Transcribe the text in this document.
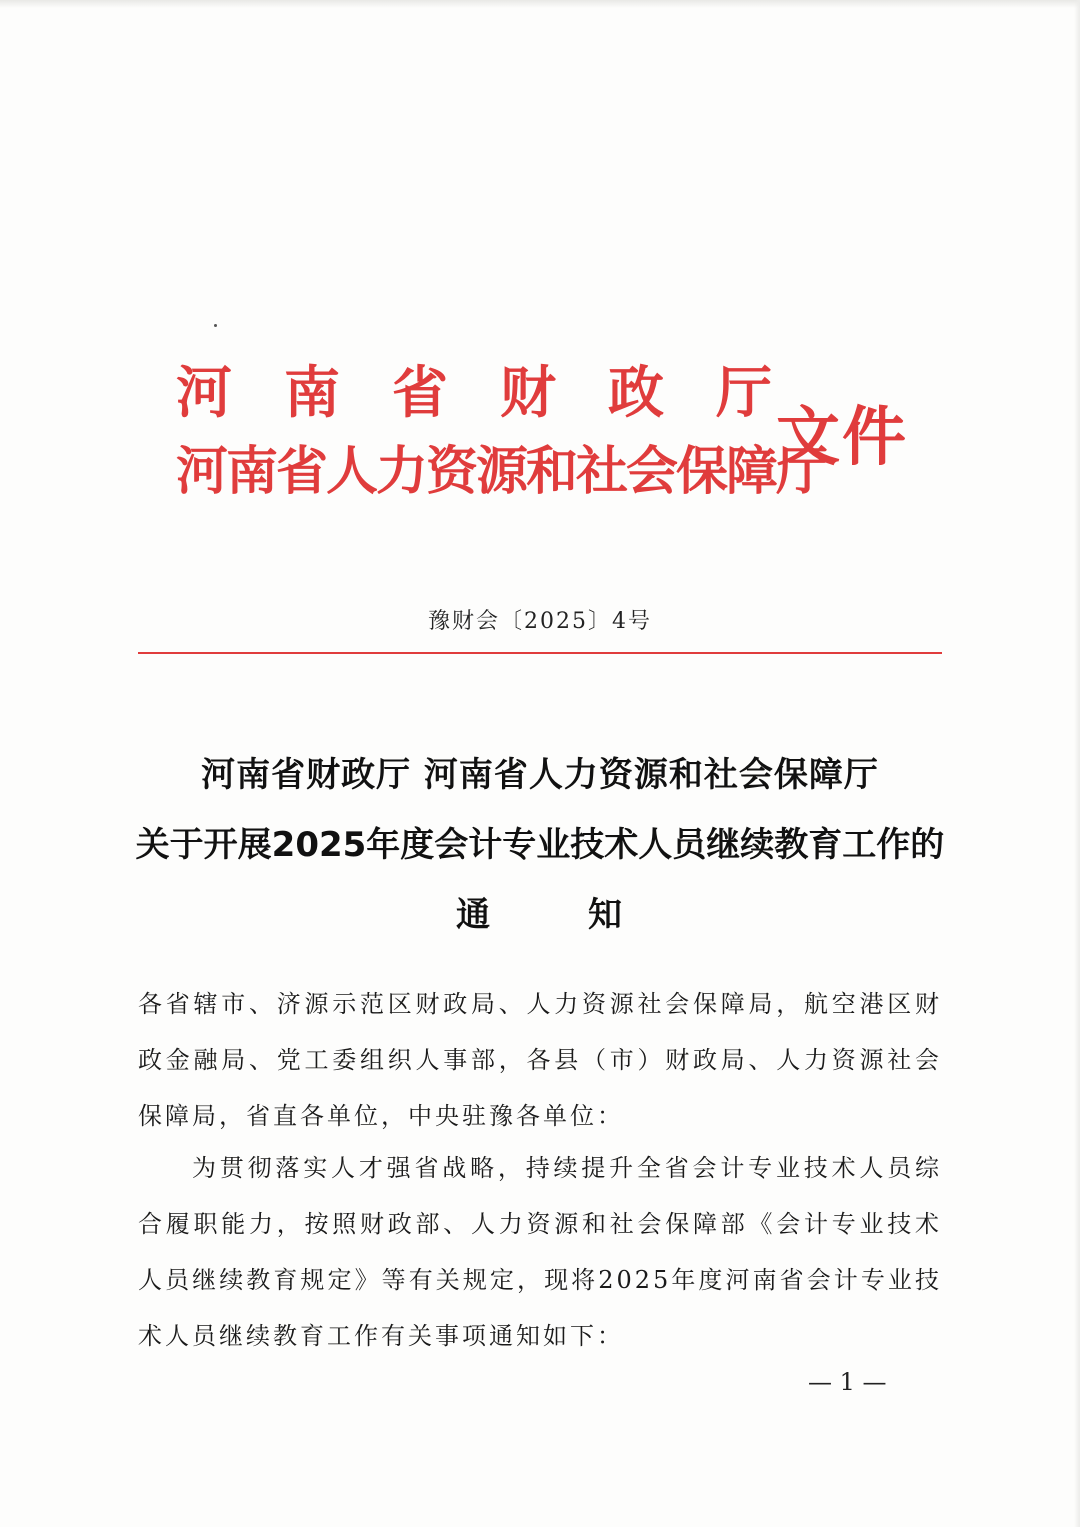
河南省财政厅
河南省人力资源和社会保障厅
文件
豫财会〔2025〕4号
河南省财政厅 河南省人力资源和社会保障厅
关于开展2025年度会计专业技术人员继续教育工作的
通	知
各省辖市、济源示范区财政局、人力资源社会保障局，航空港区财政金融局、党工委组织人事部，各县（市）财政局、人力资源社会保障局，省直各单位，中央驻豫各单位：
为贯彻落实人才强省战略，持续提升全省会计专业技术人员综合履职能力，按照财政部、人力资源和社会保障部《会计专业技术人员继续教育规定》等有关规定，现将2025年度河南省会计专业技术人员继续教育工作有关事项通知如下：
— 1 —
